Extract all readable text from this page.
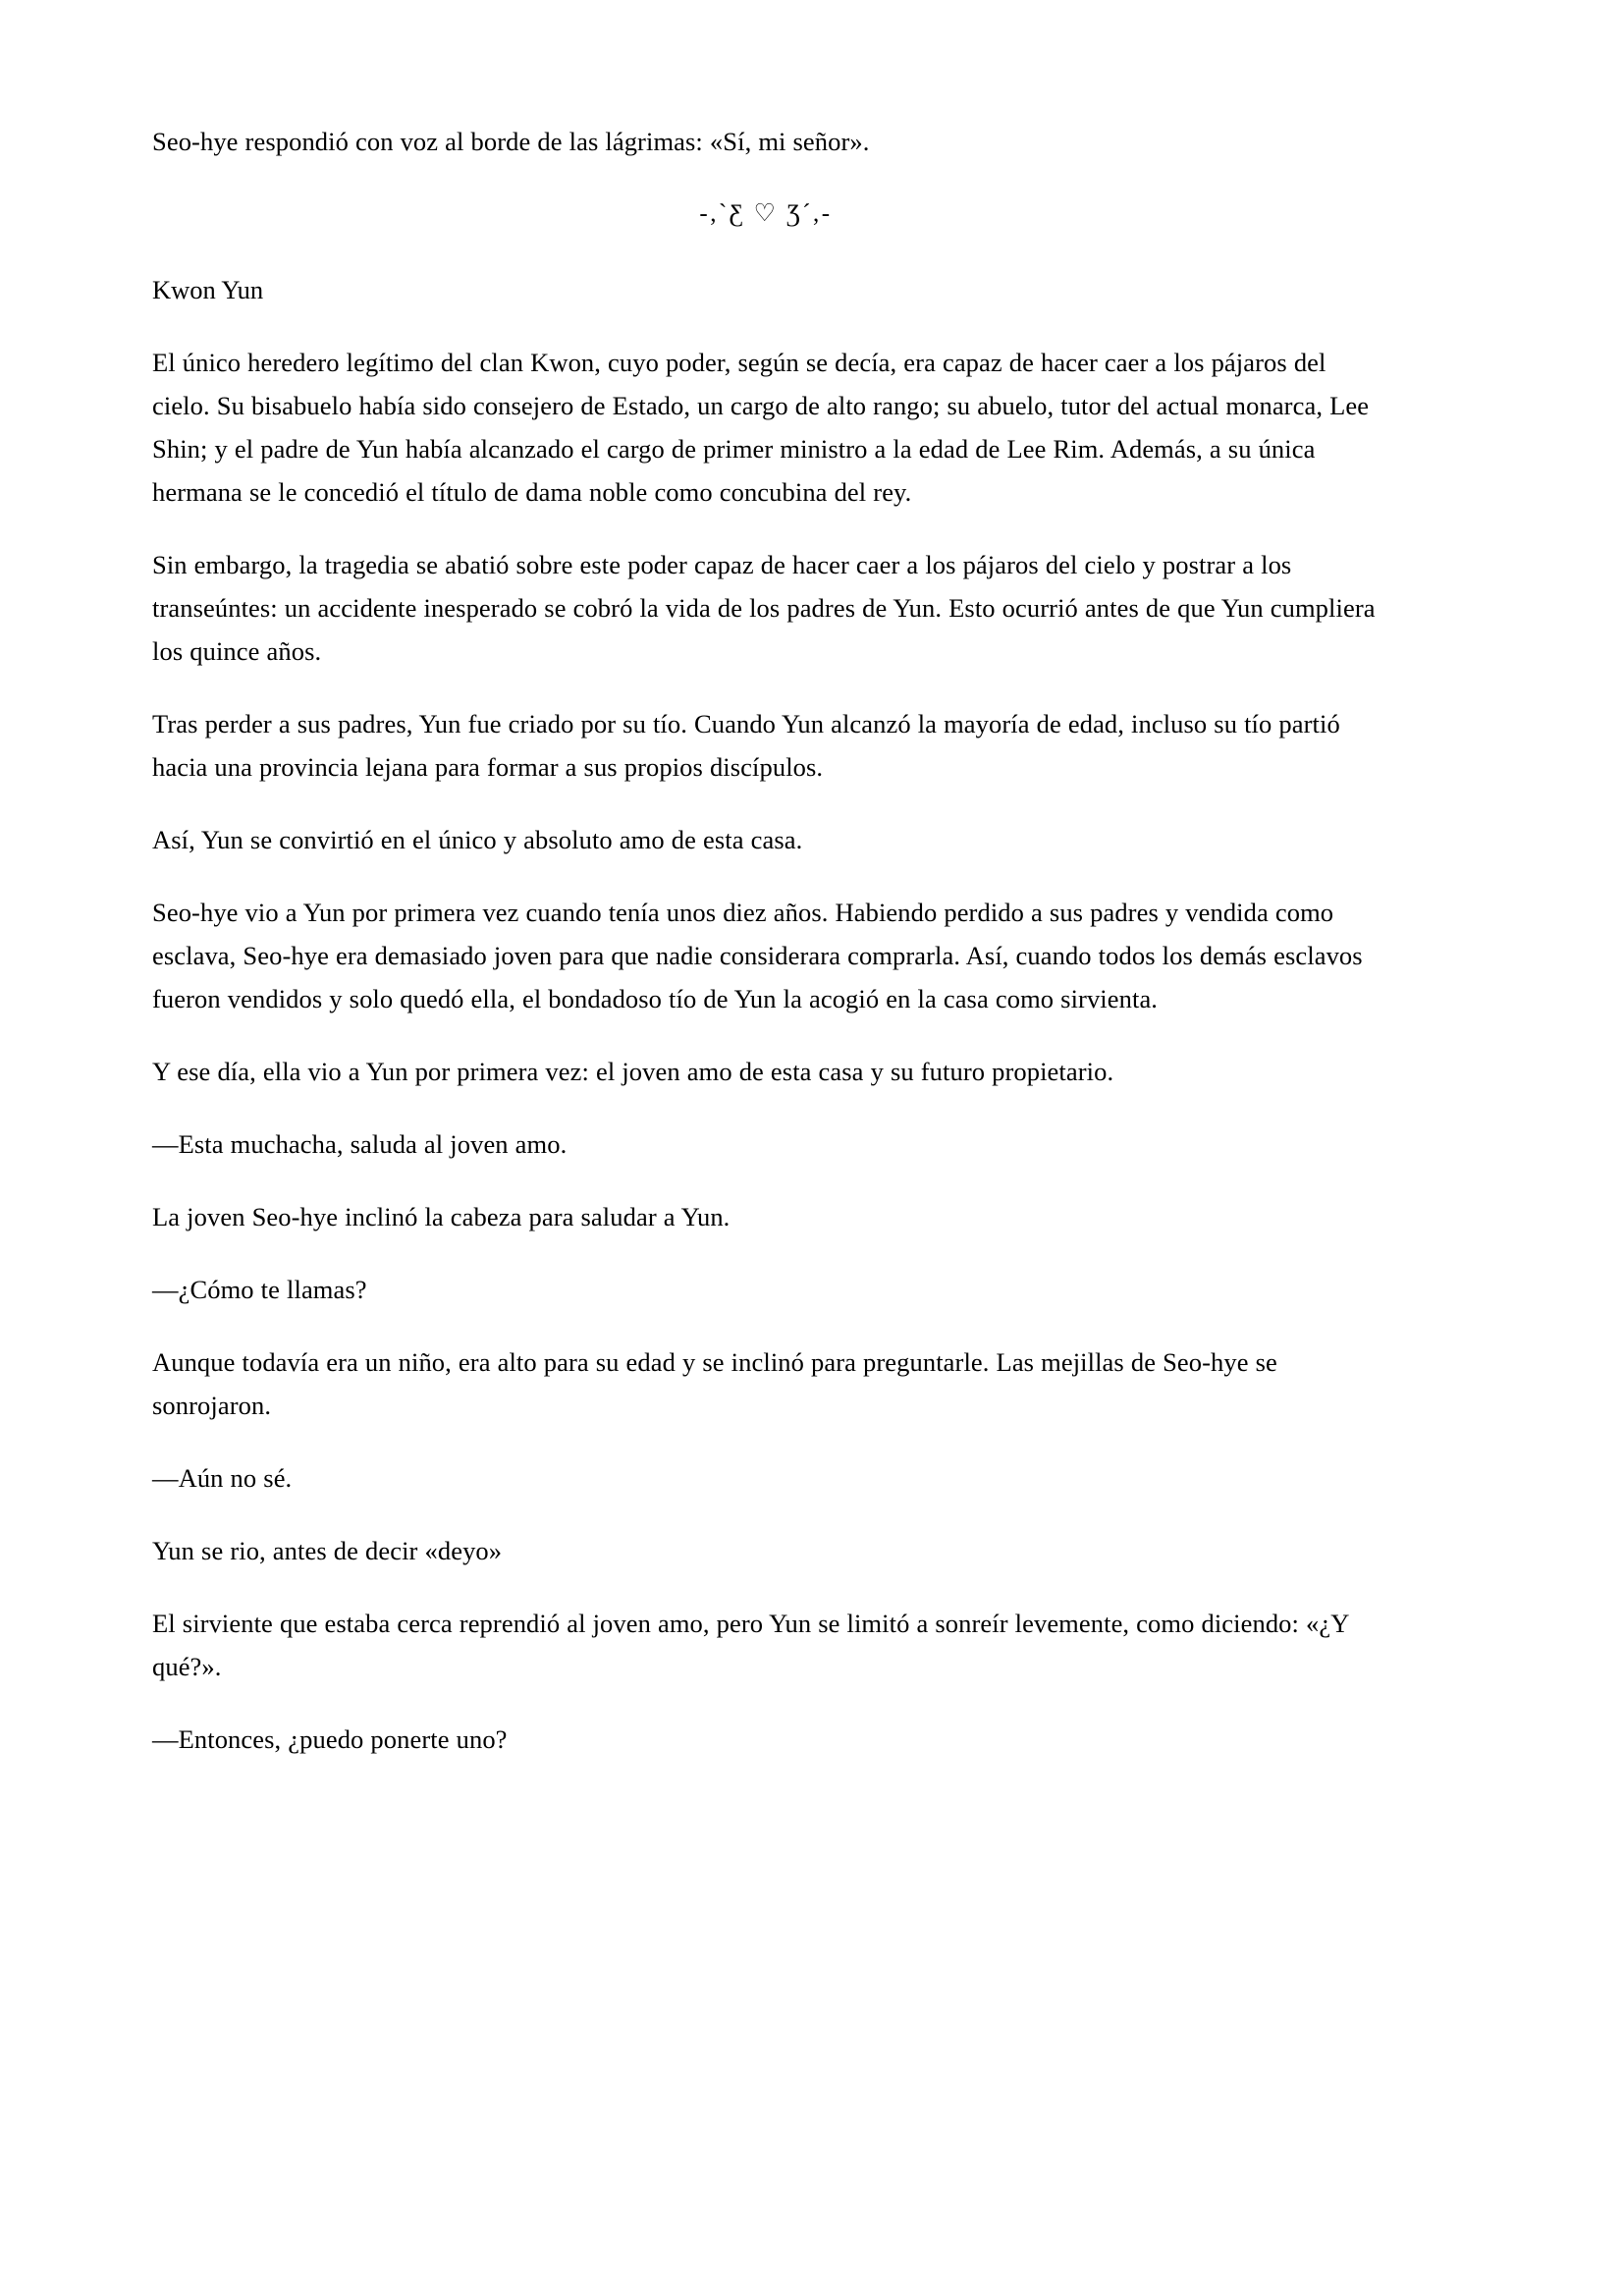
Seo-hye respondió con voz al borde de las lágrimas: «Sí, mi señor».

-,`Ƹ ♡ Ʒ´,-

Kwon Yun

El único heredero legítimo del clan Kwon, cuyo poder, según se decía, era capaz de hacer caer a los pájaros del cielo. Su bisabuelo había sido consejero de Estado, un cargo de alto rango; su abuelo, tutor del actual monarca, Lee Shin; y el padre de Yun había alcanzado el cargo de primer ministro a la edad de Lee Rim. Además, a su única hermana se le concedió el título de dama noble como concubina del rey.

Sin embargo, la tragedia se abatió sobre este poder capaz de hacer caer a los pájaros del cielo y postrar a los transeúntes: un accidente inesperado se cobró la vida de los padres de Yun. Esto ocurrió antes de que Yun cumpliera los quince años.

Tras perder a sus padres, Yun fue criado por su tío. Cuando Yun alcanzó la mayoría de edad, incluso su tío partió hacia una provincia lejana para formar a sus propios discípulos.

Así, Yun se convirtió en el único y absoluto amo de esta casa.

Seo-hye vio a Yun por primera vez cuando tenía unos diez años. Habiendo perdido a sus padres y vendida como esclava, Seo-hye era demasiado joven para que nadie considerara comprarla. Así, cuando todos los demás esclavos fueron vendidos y solo quedó ella, el bondadoso tío de Yun la acogió en la casa como sirvienta.

Y ese día, ella vio a Yun por primera vez: el joven amo de esta casa y su futuro propietario.

—Esta muchacha, saluda al joven amo.

La joven Seo-hye inclinó la cabeza para saludar a Yun.

—¿Cómo te llamas?

Aunque todavía era un niño, era alto para su edad y se inclinó para preguntarle. Las mejillas de Seo-hye se sonrojaron.

—Aún no sé.

Yun se rio, antes de decir «deyo»

El sirviente que estaba cerca reprendió al joven amo, pero Yun se limitó a sonreír levemente, como diciendo: «¿Y qué?».

—Entonces, ¿puedo ponerte uno?
